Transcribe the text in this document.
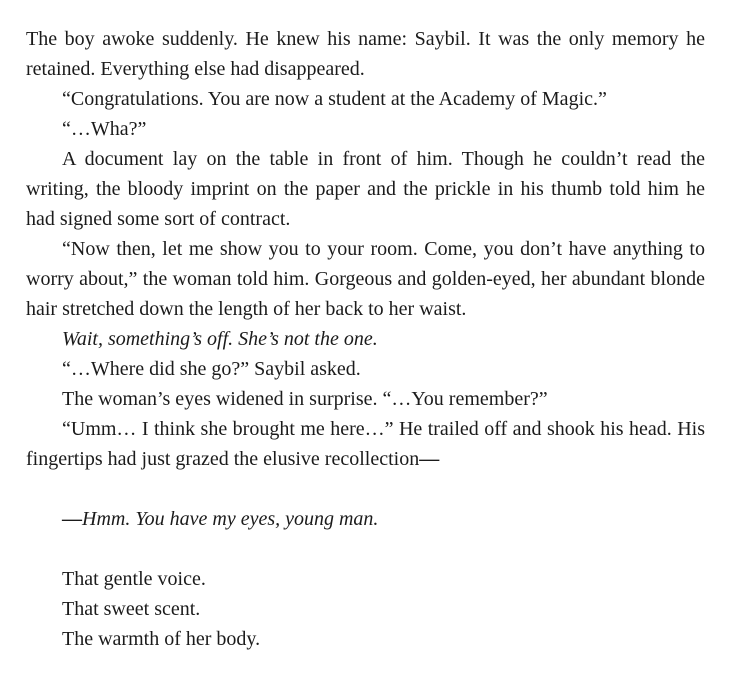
The boy awoke suddenly. He knew his name: Saybil. It was the only memory he retained. Everything else had disappeared.

“Congratulations. You are now a student at the Academy of Magic.”

“…Wha?”

A document lay on the table in front of him. Though he couldn’t read the writing, the bloody imprint on the paper and the prickle in his thumb told him he had signed some sort of contract.

“Now then, let me show you to your room. Come, you don’t have anything to worry about,” the woman told him. Gorgeous and golden-eyed, her abundant blonde hair stretched down the length of her back to her waist.

Wait, something’s off. She’s not the one.

“…Where did she go?” Saybil asked.

The woman’s eyes widened in surprise. “…You remember?”

“Umm… I think she brought me here…” He trailed off and shook his head. His fingertips had just grazed the elusive recollection—

—Hmm. You have my eyes, young man.

That gentle voice.

That sweet scent.

The warmth of her body.
